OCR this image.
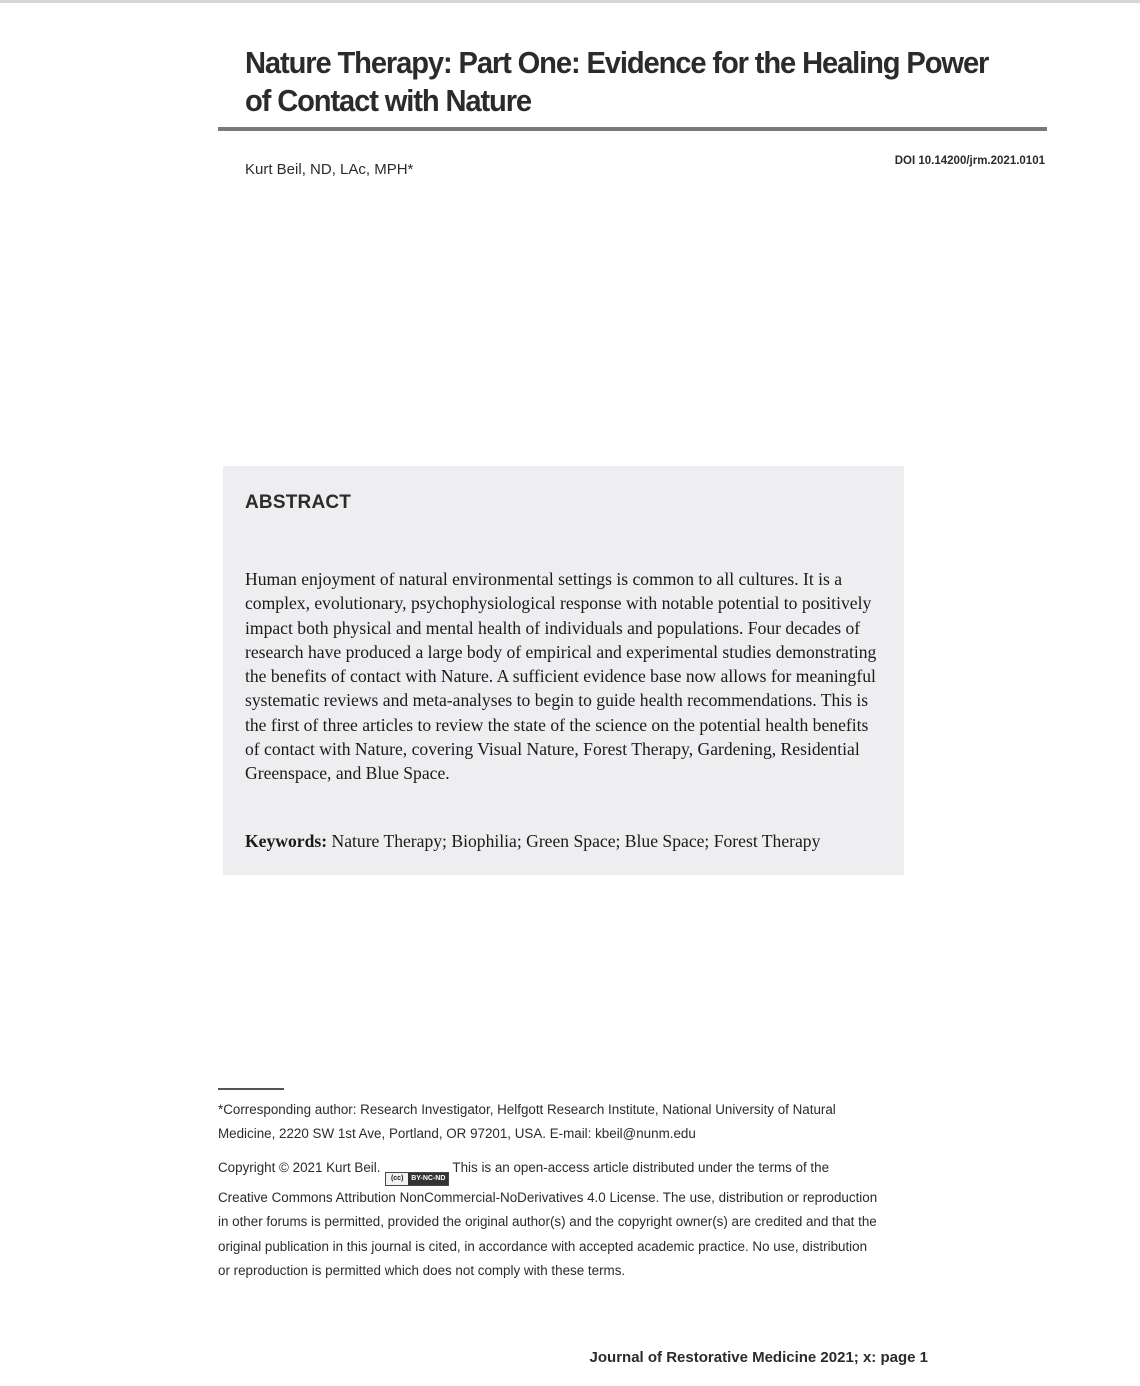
Nature Therapy: Part One: Evidence for the Healing Power of Contact with Nature
Kurt Beil, ND, LAc, MPH*	DOI 10.14200/jrm.2021.0101
ABSTRACT

Human enjoyment of natural environmental settings is common to all cultures. It is a complex, evolutionary, psychophysiological response with notable potential to positively impact both physical and mental health of individuals and populations. Four decades of research have produced a large body of empirical and experimental studies demonstrating the benefits of contact with Nature. A sufficient evidence base now allows for meaningful systematic reviews and meta-analyses to begin to guide health recommendations. This is the first of three articles to review the state of the science on the potential health benefits of contact with Nature, covering Visual Nature, Forest Therapy, Gardening, Residential Greenspace, and Blue Space.

Keywords: Nature Therapy; Biophilia; Green Space; Blue Space; Forest Therapy

*Corresponding author: Research Investigator, Helfgott Research Institute, National University of Natural Medicine, 2220 SW 1st Ave, Portland, OR 97201, USA. E-mail: kbeil@nunm.edu

Copyright © 2021 Kurt Beil. (cc) BY-NC-NDThis is an open-access article distributed under the terms of the Creative Commons Attribution NonCommercial-NoDerivatives 4.0 License. The use, distribution or reproduction in other forums is permitted, provided the original author(s) and the copyright owner(s) are credited and that the original publication in this journal is cited, in accordance with accepted academic practice. No use, distribution or reproduction is permitted which does not comply with these terms.

Journal of Restorative Medicine 2021; x: page 1
